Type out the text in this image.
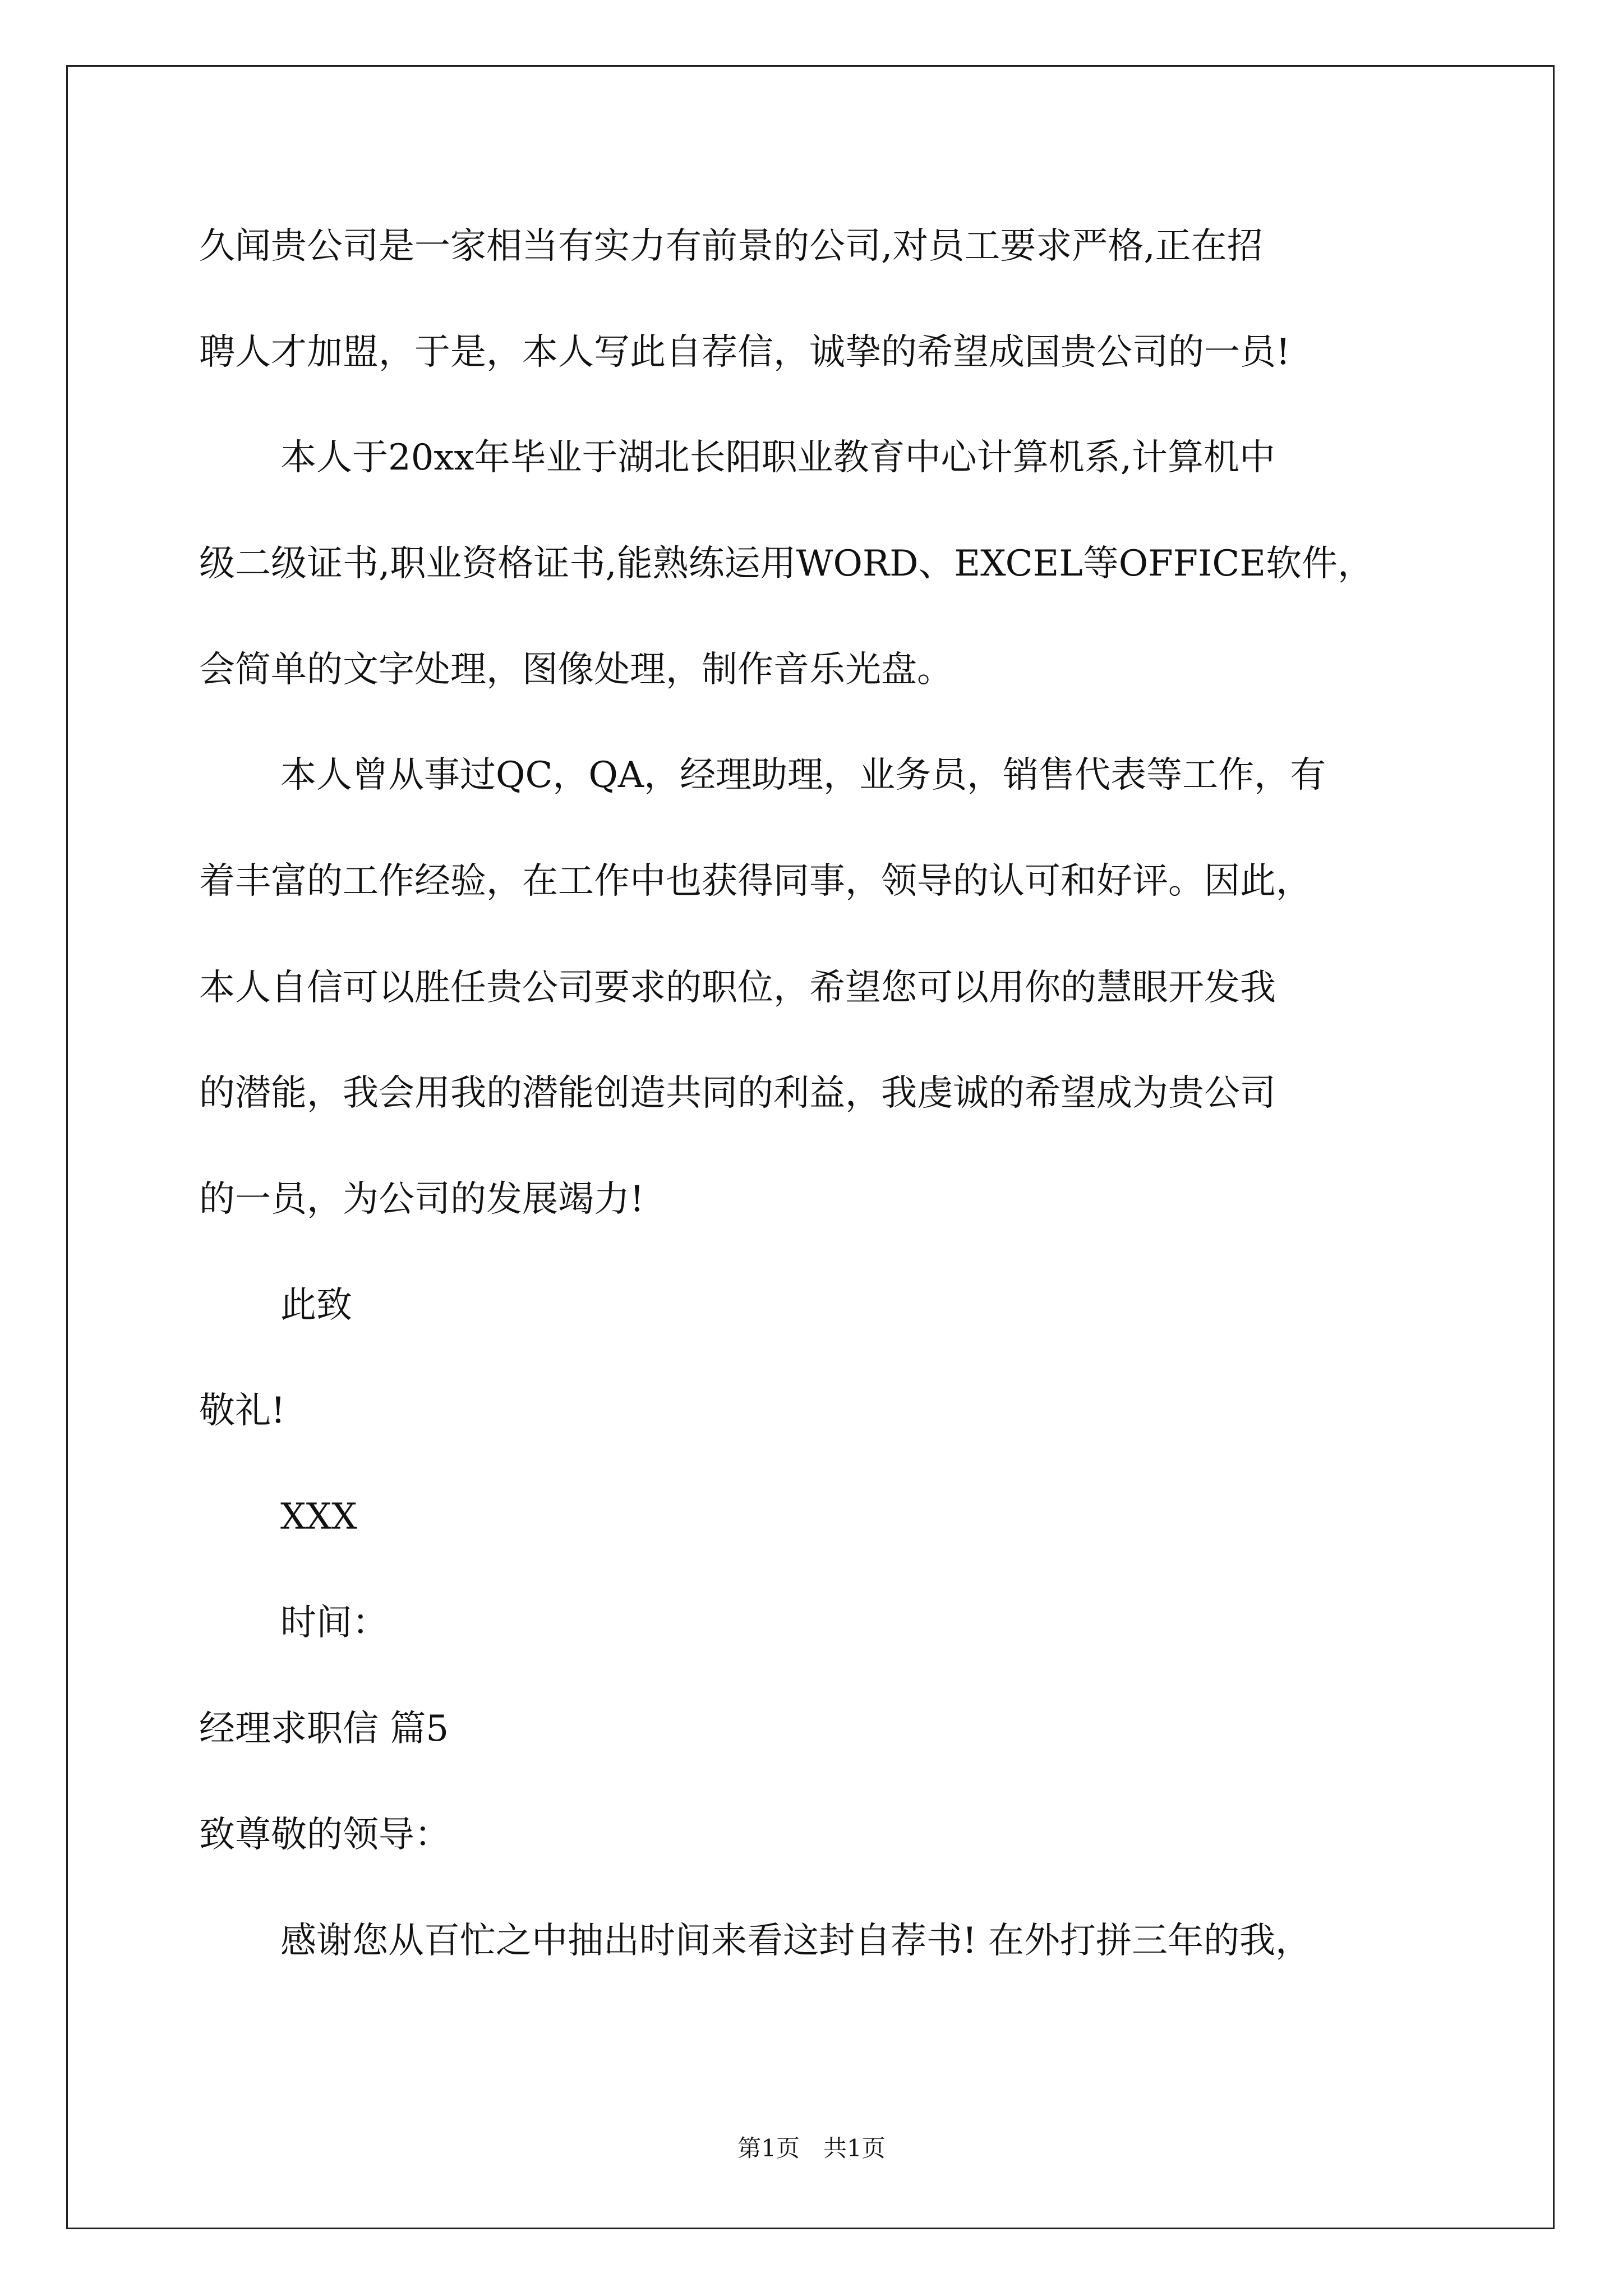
久闻贵公司是一家相当有实力有前景的公司,对员工要求严格,正在招
聘人才加盟，于是，本人写此自荐信，诚挚的希望成国贵公司的一员!
本人于20xx年毕业于湖北长阳职业教育中心计算机系,计算机中
级二级证书,职业资格证书,能熟练运用WORD、EXCEL等OFFICE软件，
会简单的文字处理，图像处理，制作音乐光盘。
本人曾从事过QC，QA，经理助理，业务员，销售代表等工作，有
着丰富的工作经验，在工作中也获得同事，领导的认可和好评。因此，
本人自信可以胜任贵公司要求的职位，希望您可以用你的慧眼开发我
的潜能，我会用我的潜能创造共同的利益，我虔诚的希望成为贵公司
的一员，为公司的发展竭力!
此致
敬礼!
XXX
时间：
经理求职信 篇5
致尊敬的领导：
感谢您从百忙之中抽出时间来看这封自荐书! 在外打拼三年的我，
第1页　共1页
